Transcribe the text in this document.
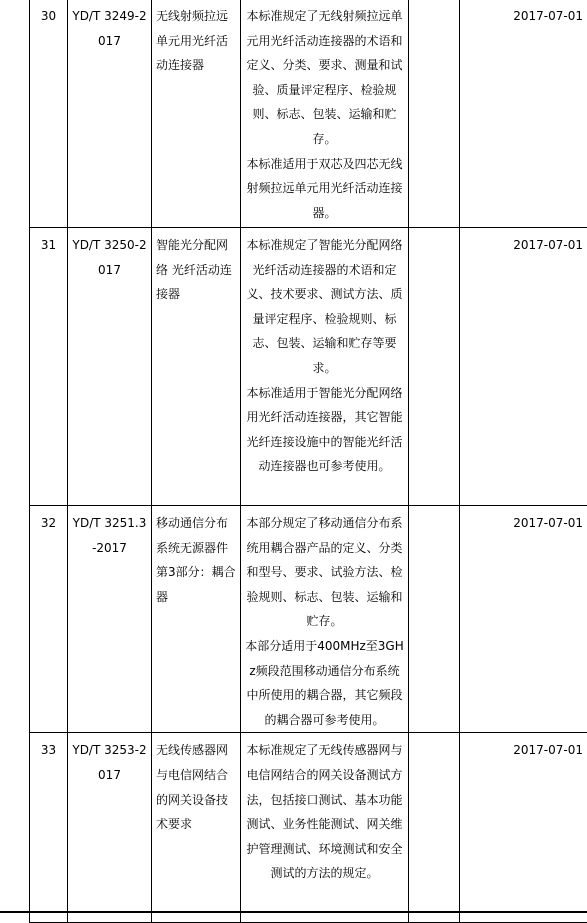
30	YD/T 3249-2017	无线射频拉远单元用光纤活动连接器	本标准规定了无线射频拉远单元用光纤活动连接器的术语和定义、分类、要求、测量和试验、质量评定程序、检验规则、标志、包装、运输和贮存。
本标准适用于双芯及四芯无线射频拉远单元用光纤活动连接器。		2017-07-01
31	YD/T 3250-2017	智能光分配网络 光纤活动连接器	本标准规定了智能光分配网络光纤活动连接器的术语和定义、技术要求、测试方法、质量评定程序、检验规则、标志、包装、运输和贮存等要求。
本标准适用于智能光分配网络用光纤活动连接器，其它智能光纤连接设施中的智能光纤活动连接器也可参考使用。		2017-07-01
32	YD/T 3251.3-2017	移动通信分布系统无源器件 第3部分：耦合器	本部分规定了移动通信分布系统用耦合器产品的定义、分类和型号、要求、试验方法、检验规则、标志、包装、运输和贮存。
本部分适用于400MHz至3GHz频段范围移动通信分布系统中所使用的耦合器，其它频段的耦合器可参考使用。		2017-07-01
33	YD/T 3253-2017	无线传感器网与电信网结合的网关设备技术要求	本标准规定了无线传感器网与电信网结合的网关设备测试方法，包括接口测试、基本功能测试、业务性能测试、网关维护管理测试、环境测试和安全测试的方法的规定。		2017-07-01
